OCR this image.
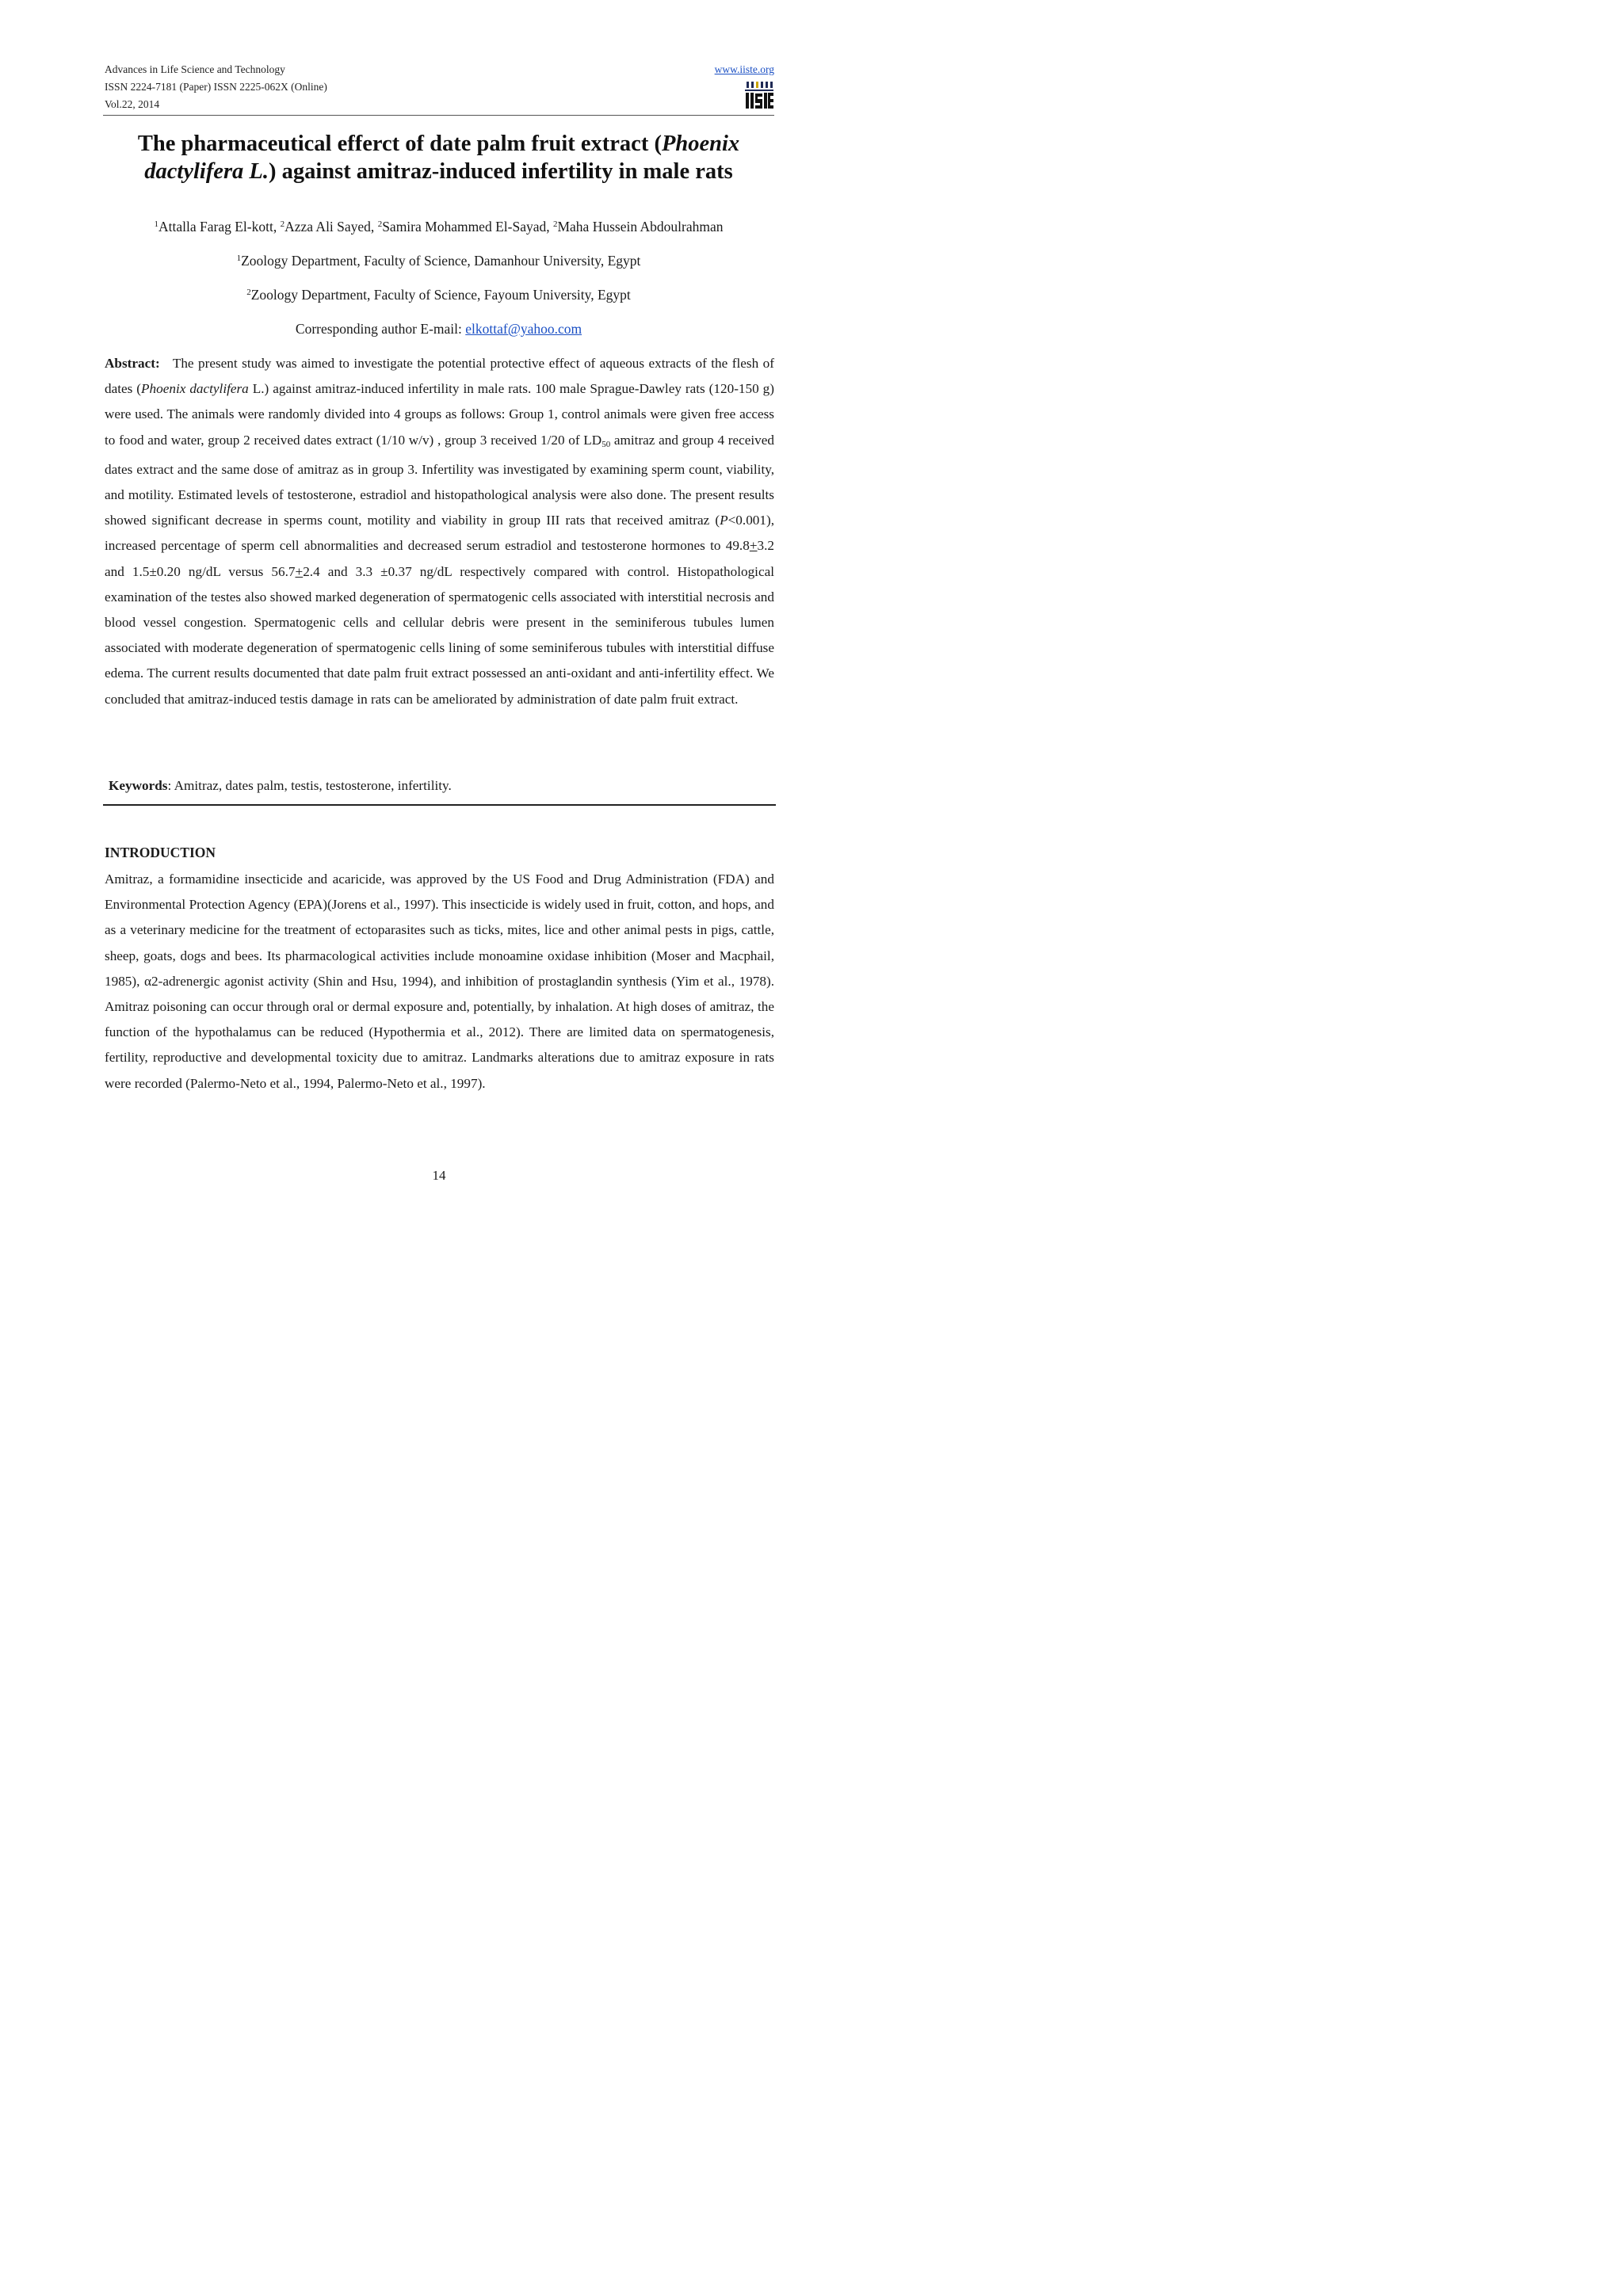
Advances in Life Science and Technology
ISSN 2224-7181 (Paper) ISSN 2225-062X (Online)
Vol.22, 2014
www.iiste.org
The pharmaceutical efferct of date palm fruit extract (Phoenix dactylifera L.) against amitraz-induced infertility in male rats
$^1$Attalla Farag El-kott, $^2$Azza Ali Sayed, $^2$Samira Mohammed El-Sayad, $^2$Maha Hussein Abdoulrahman
$^1$Zoology Department, Faculty of Science, Damanhour University, Egypt
$^2$Zoology Department, Faculty of Science, Fayoum University, Egypt
Corresponding author E-mail: elkottaf@yahoo.com
Abstract: The present study was aimed to investigate the potential protective effect of aqueous extracts of the flesh of dates (Phoenix dactylifera L.) against amitraz-induced infertility in male rats. 100 male Sprague-Dawley rats (120-150 g) were used. The animals were randomly divided into 4 groups as follows: Group 1, control animals were given free access to food and water, group 2 received dates extract (1/10 w/v) , group 3 received 1/20 of $LD_{50}$ amitraz and group 4 received dates extract and the same dose of amitraz as in group 3. Infertility was investigated by examining sperm count, viability, and motility. Estimated levels of testosterone, estradiol and histopathological analysis were also done. The present results showed significant decrease in sperms count, motility and viability in group III rats that received amitraz (P<0.001), increased percentage of sperm cell abnormalities and decreased serum estradiol and testosterone hormones to 49.8+3.2 and 1.5±0.20 ng/dL versus 56.7+2.4 and 3.3 ±0.37 ng/dL respectively compared with control. Histopathological examination of the testes also showed marked degeneration of spermatogenic cells associated with interstitial necrosis and blood vessel congestion. Spermatogenic cells and cellular debris were present in the seminiferous tubules lumen associated with moderate degeneration of spermatogenic cells lining of some seminiferous tubules with interstitial diffuse edema. The current results documented that date palm fruit extract possessed an anti-oxidant and anti-infertility effect. We concluded that amitraz-induced testis damage in rats can be ameliorated by administration of date palm fruit extract.
Keywords: Amitraz, dates palm, testis, testosterone, infertility.
INTRODUCTION
Amitraz, a formamidine insecticide and acaricide, was approved by the US Food and Drug Administration (FDA) and Environmental Protection Agency (EPA)(Jorens et al., 1997). This insecticide is widely used in fruit, cotton, and hops, and as a veterinary medicine for the treatment of ectoparasites such as ticks, mites, lice and other animal pests in pigs, cattle, sheep, goats, dogs and bees. Its pharmacological activities include monoamine oxidase inhibition (Moser and Macphail, 1985), α2-adrenergic agonist activity (Shin and Hsu, 1994), and inhibition of prostaglandin synthesis (Yim et al., 1978). Amitraz poisoning can occur through oral or dermal exposure and, potentially, by inhalation. At high doses of amitraz, the function of the hypothalamus can be reduced (Hypothermia et al., 2012). There are limited data on spermatogenesis, fertility, reproductive and developmental toxicity due to amitraz. Landmarks alterations due to amitraz exposure in rats were recorded (Palermo-Neto et al., 1994, Palermo-Neto et al., 1997).
14
